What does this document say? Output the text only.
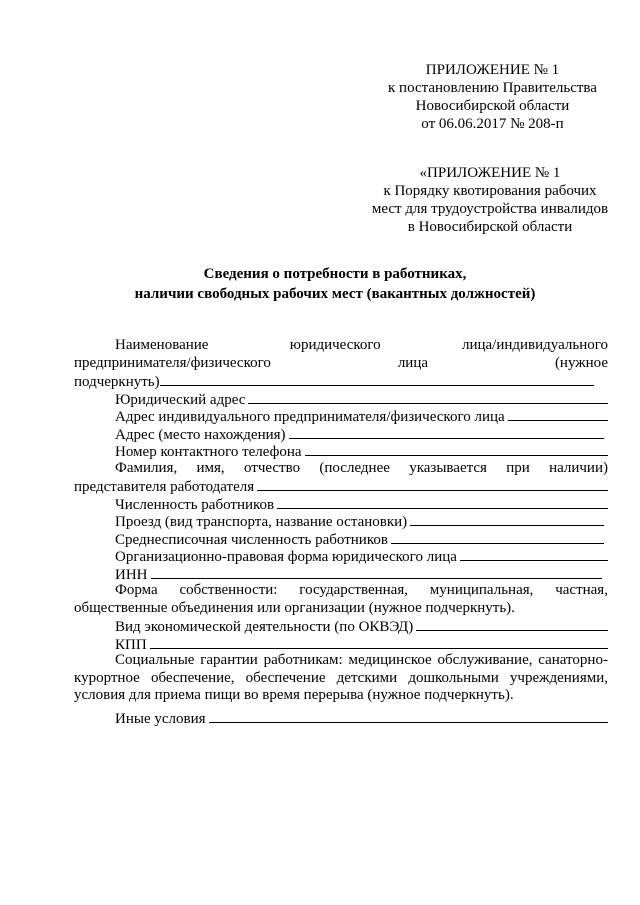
ПРИЛОЖЕНИЕ № 1
к постановлению Правительства
Новосибирской области
от 06.06.2017 № 208-п
«ПРИЛОЖЕНИЕ № 1
к Порядку квотирования рабочих
мест для трудоустройства инвалидов
в Новосибирской области
Сведения о потребности в работниках,
наличии свободных рабочих мест (вакантных должностей)
Наименование	юридического	лица/индивидуального
предпринимателя/физического	лица	(нужное
подчеркнуть)
Юридический адрес
Адрес индивидуального предпринимателя/физического лица
Адрес (место нахождения)
Номер контактного телефона
Фамилия, имя, отчество (последнее указывается при наличии)
представителя работодателя
Численность работников
Проезд (вид транспорта, название остановки)
Среднесписочная численность работников
Организационно-правовая форма юридического лица
ИНН
Форма собственности: государственная, муниципальная, частная,
общественные объединения или организации (нужное подчеркнуть).
Вид экономической деятельности (по ОКВЭД)
КПП
Социальные гарантии работникам: медицинское обслуживание, санаторно-
курортное обеспечение, обеспечение детскими дошкольными учреждениями,
условия для приема пищи во время перерыва (нужное подчеркнуть).
Иные условия
